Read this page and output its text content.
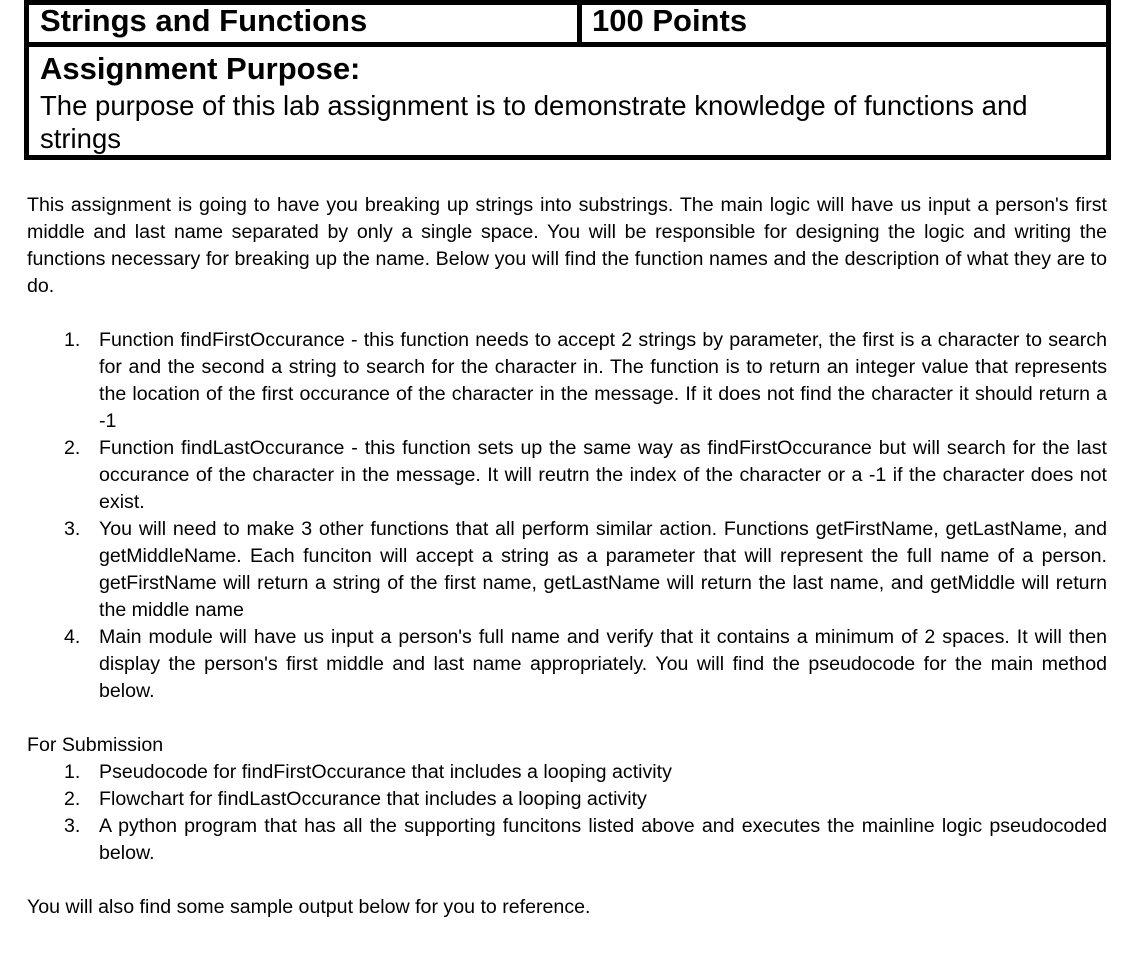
Strings and Functions	100 Points
Assignment Purpose:
The purpose of this lab assignment is to demonstrate knowledge of functions and strings

This assignment is going to have you breaking up strings into substrings. The main logic will have us input a person's first middle and last name separated by only a single space. You will be responsible for designing the logic and writing the functions necessary for breaking up the name. Below you will find the function names and the description of what they are to do.

1. Function findFirstOccurance - this function needs to accept 2 strings by parameter, the first is a character to search for and the second a string to search for the character in. The function is to return an integer value that represents the location of the first occurance of the character in the message. If it does not find the character it should return a -1
2. Function findLastOccurance - this function sets up the same way as findFirstOccurance but will search for the last occurance of the character in the message. It will reutrn the index of the character or a -1 if the character does not exist.
3. You will need to make 3 other functions that all perform similar action. Functions getFirstName, getLastName, and getMiddleName. Each funciton will accept a string as a parameter that will represent the full name of a person. getFirstName will return a string of the first name, getLastName will return the last name, and getMiddle will return the middle name
4. Main module will have us input a person's full name and verify that it contains a minimum of 2 spaces. It will then display the person's first middle and last name appropriately. You will find the pseudocode for the main method below.
For Submission
1. Pseudocode for findFirstOccurance that includes a looping activity
2. Flowchart for findLastOccurance that includes a looping activity
3. A python program that has all the supporting funcitons listed above and executes the mainline logic pseudocoded below.
You will also find some sample output below for you to reference.
